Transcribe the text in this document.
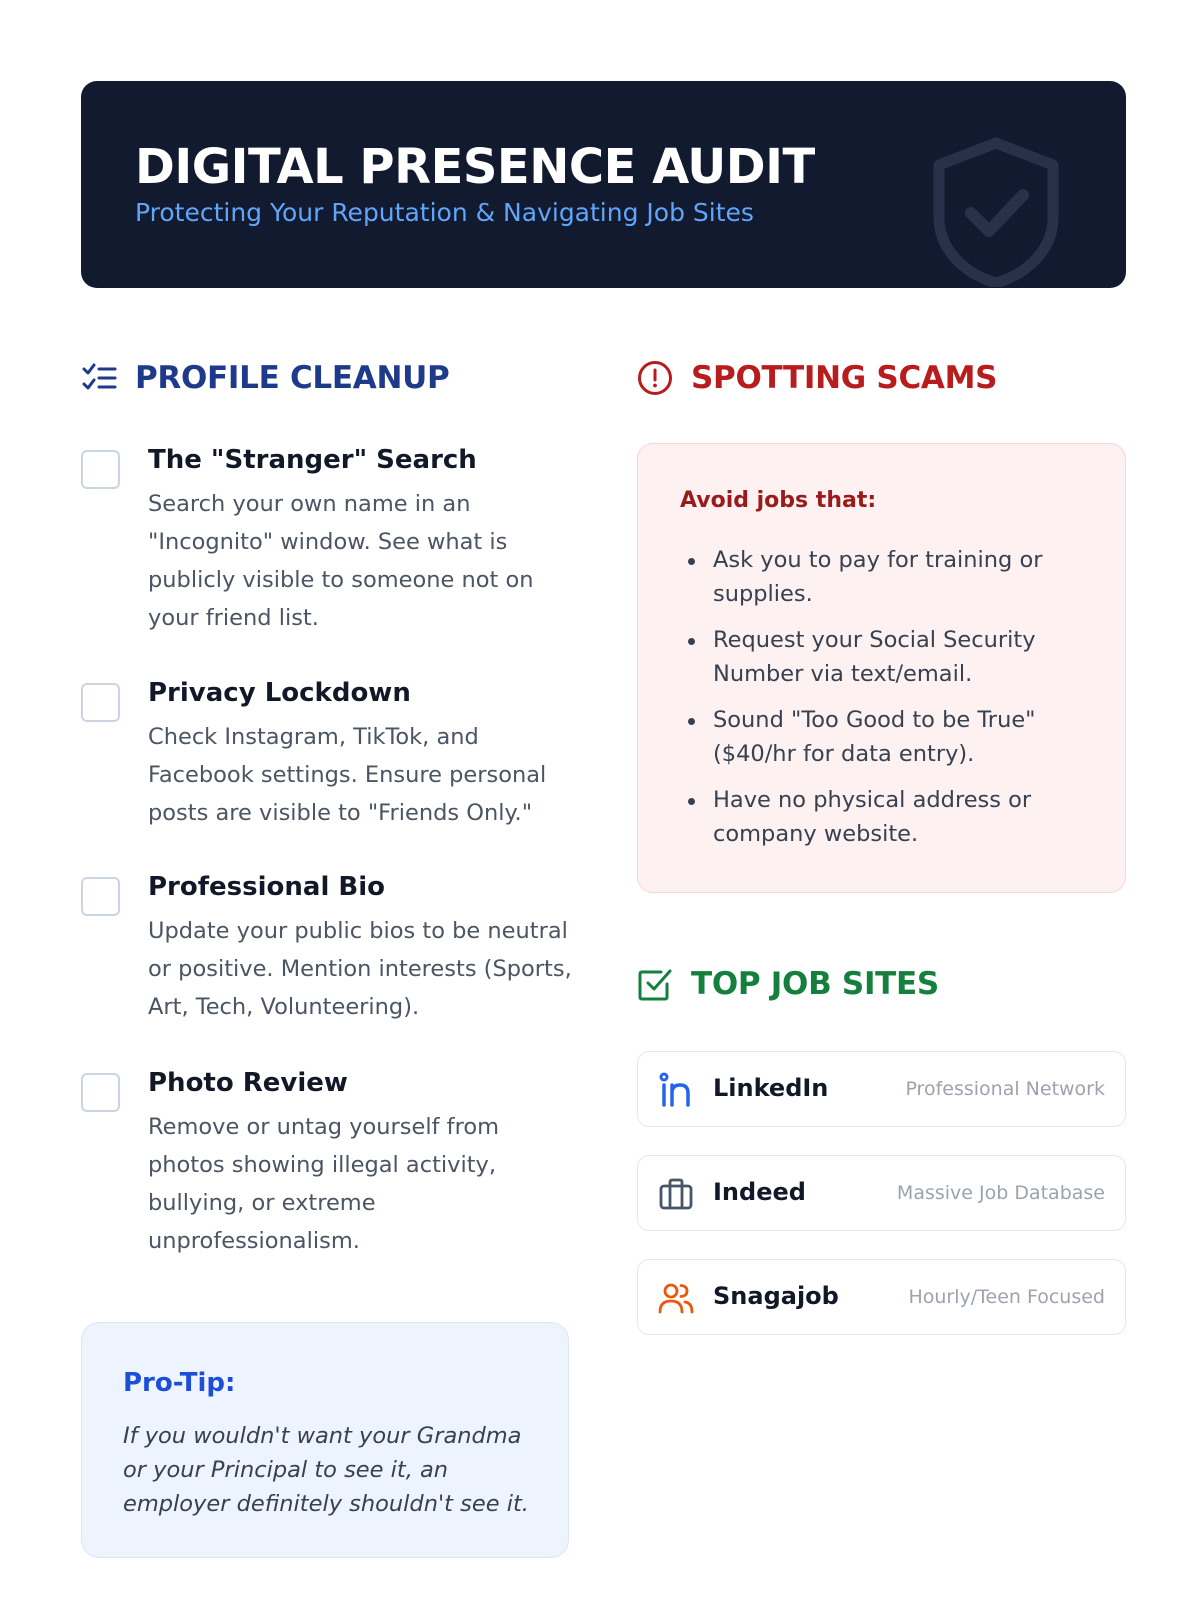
DIGITAL PRESENCE AUDIT
Protecting Your Reputation & Navigating Job Sites
PROFILE CLEANUP
The "Stranger" Search
Search your own name in an "Incognito" window. See what is publicly visible to someone not on your friend list.
Privacy Lockdown
Check Instagram, TikTok, and Facebook settings. Ensure personal posts are visible to "Friends Only."
Professional Bio
Update your public bios to be neutral or positive. Mention interests (Sports, Art, Tech, Volunteering).
Photo Review
Remove or untag yourself from photos showing illegal activity, bullying, or extreme unprofessionalism.
Pro-Tip:
If you wouldn't want your Grandma or your Principal to see it, an employer definitely shouldn't see it.
SPOTTING SCAMS
Avoid jobs that:
Ask you to pay for training or supplies.
Request your Social Security Number via text/email.
Sound "Too Good to be True" ($40/hr for data entry).
Have no physical address or company website.
TOP JOB SITES
LinkedIn	Professional Network
Indeed	Massive Job Database
Snagajob	Hourly/Teen Focused
